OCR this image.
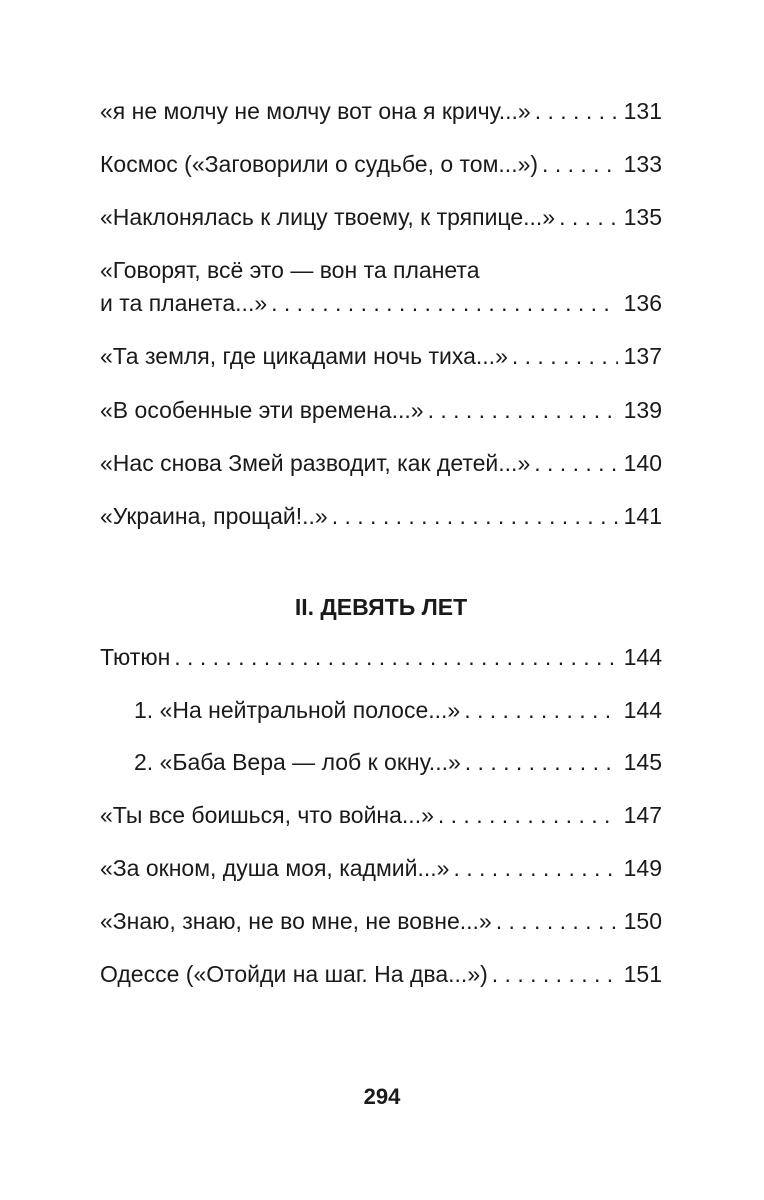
«я не молчу не молчу вот она я кричу...» . . .	131
Космос («Заговорили о судьбе, о том...») . . .	133
«Наклонялась к лицу твоему, к тряпице...» . . .	135
«Говорят, всё это — вон та планета
и та планета...» . . .	136
«Та земля, где цикадами ночь тиха...» . . .	137
«В особенные эти времена...» . . .	139
«Нас снова Змей разводит, как детей...» . . .	140
«Украина, прощай!..» . . .	141
Тютюн . . .	144
1. «На нейтральной полосе...» . . .	144
2. «Баба Вера — лоб к окну...» . . .	145
«Ты все боишься, что война...» . . .	147
«За окном, душа моя, кадмий...» . . .	149
«Знаю, знаю, не во мне, не вовне...» . . .	150
Одессе («Отойди на шаг. На два...») . . .	151
II. ДЕВЯТЬ ЛЕТ
294
